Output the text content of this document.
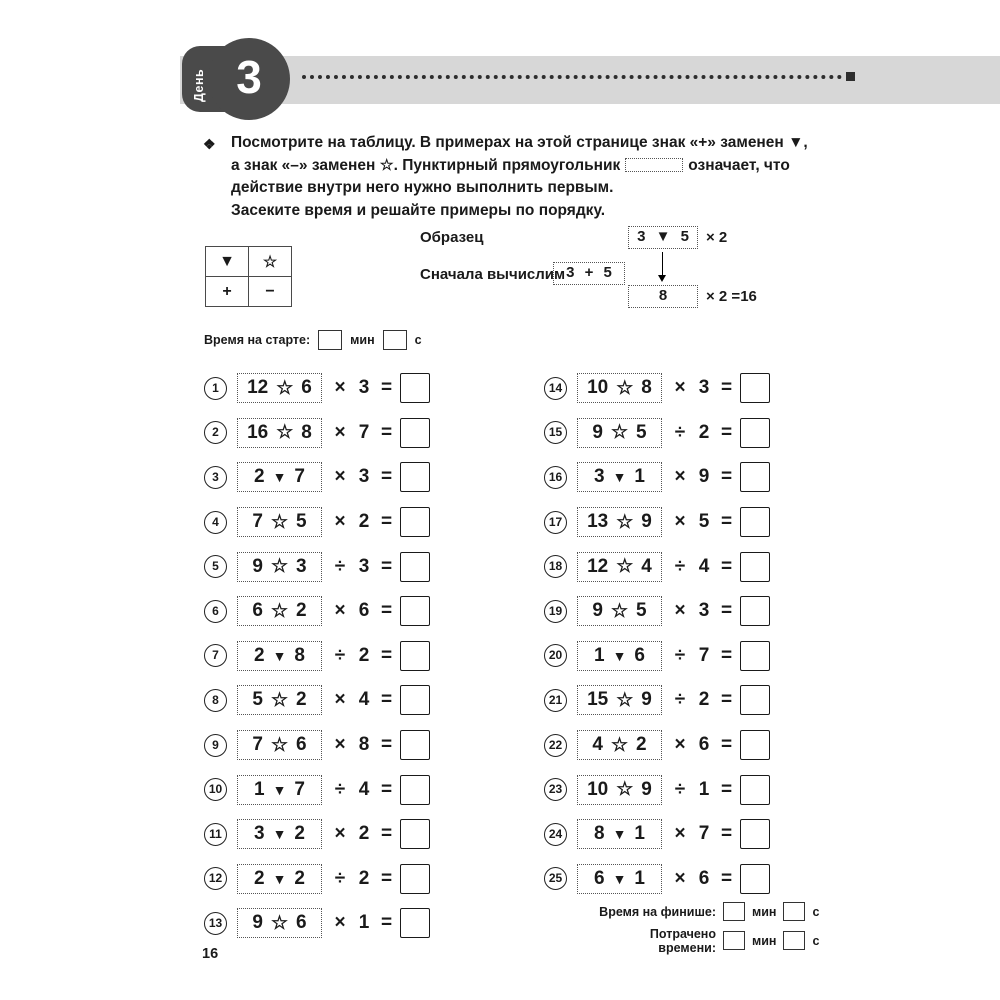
День 3
❖ Посмотрите на таблицу. В примерах на этой странице знак «+» заменен ▼,
а знак «–» заменен ☆. Пунктирный прямоугольник	означает, что
действие внутри него нужно выполнить первым.
Засеките время и решайте примеры по порядку.
▼	☆
+	−
Образец	3 ▼ 5	× 2
Сначала вычислим 3 + 5
8	× 2 =16
Время на старте:	мин	с
1	12 ☆ 6 × 3 =
2	16 ☆ 8 × 7 =
3	2 ▼ 7 × 3 =
4	7 ☆ 5 × 2 =
5	9 ☆ 3	÷ 3 =
6	6 ☆ 2 × 6 =
7	2 ▼ 8	÷ 2 =
8	5 ☆ 2 × 4 =
9	7 ☆ 6 × 8 =
10 1 ▼ 7	÷ 4 =
11 3 ▼ 2 × 2 =
12 2 ▼ 2	÷ 2 =
13 9 ☆ 6 × 1 =
14 10 ☆ 8 × 3 =
15 9 ☆ 5	÷ 2 =
16 3 ▼ 1 × 9 =
17 13 ☆ 9 × 5 =
18 12 ☆ 4	÷ 4 =
19 9 ☆ 5 × 3 =
20 1 ▼ 6	÷ 7 =
21 15 ☆ 9	÷ 2 =
22 4 ☆ 2 × 6 =
23 10 ☆ 9	÷ 1 =
24 8 ▼ 1 × 7 =
25 6 ▼ 1 × 6 =
Время на финише:	мин	с
Потрачено времени:	мин	с
16
